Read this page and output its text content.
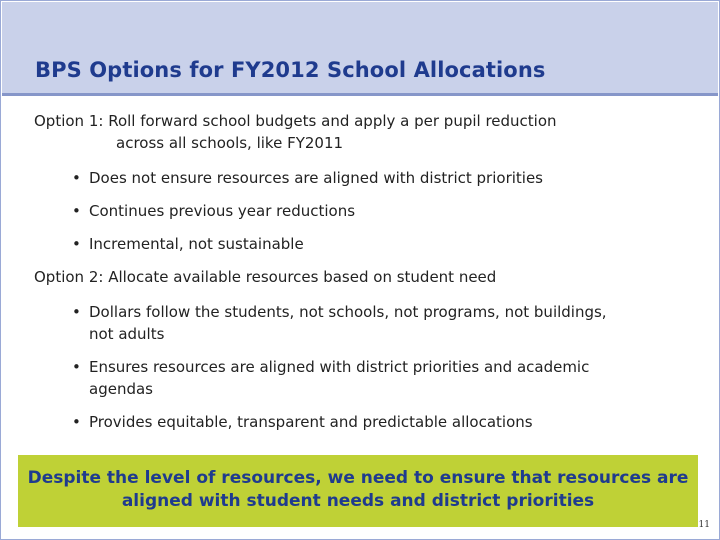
BPS Options for FY2012 School Allocations
Option 1: Roll forward school budgets and apply a per pupil reduction
across all schools, like FY2011
• Does not ensure resources are aligned with district priorities
• Continues previous year reductions
• Incremental, not sustainable
Option 2: Allocate available resources based on student need
• Dollars follow the students, not schools, not programs, not buildings,
not adults
• Ensures resources are aligned with district priorities and academic
agendas
• Provides equitable, transparent and predictable allocations
Despite the level of resources, we need to ensure that resources are
aligned with student needs and district priorities
11
